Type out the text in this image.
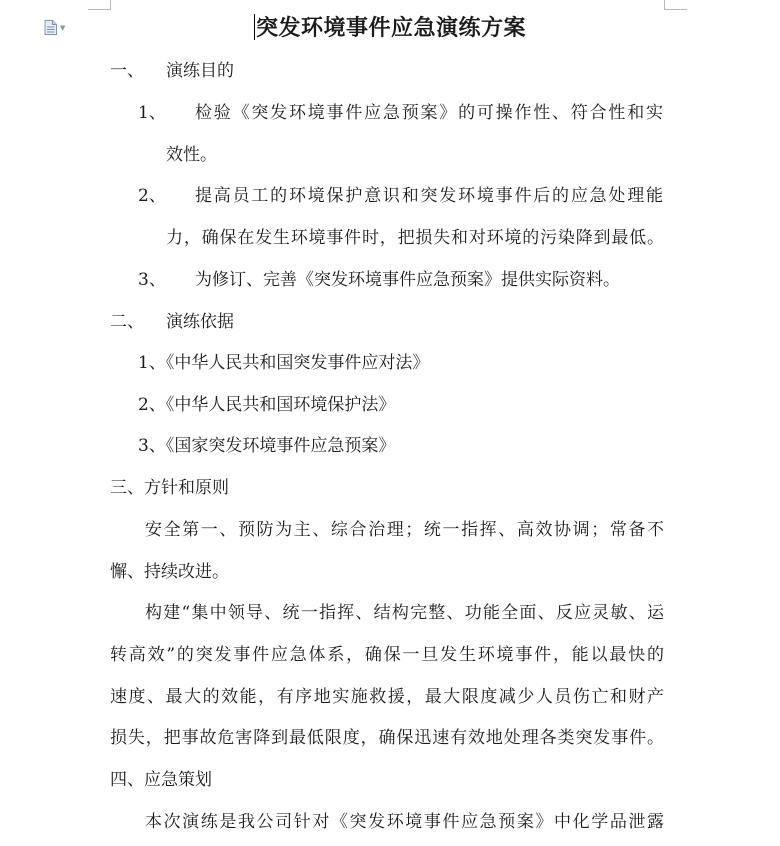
▼	突发环境事件应急演练方案
一、 演练目的
1、 检验《突发环境事件应急预案》的可操作性、符合性和实
效性。
2、 提高员工的环境保护意识和突发环境事件后的应急处理能
力，确保在发生环境事件时，把损失和对环境的污染降到最低。
3、 为修订、完善《突发环境事件应急预案》提供实际资料。
二、 演练依据
1、《中华人民共和国突发事件应对法》
2、《中华人民共和国环境保护法》
3、《国家突发环境事件应急预案》
三、方针和原则
安全第一、预防为主、综合治理；统一指挥、高效协调；常备不
懈、持续改进。
构建“集中领导、统一指挥、结构完整、功能全面、反应灵敏、运
转高效”的突发事件应急体系，确保一旦发生环境事件，能以最快的
速度、最大的效能，有序地实施救援，最大限度减少人员伤亡和财产
损失，把事故危害降到最低限度，确保迅速有效地处理各类突发事件。
四、应急策划
本次演练是我公司针对《突发环境事件应急预案》中化学品泄露
